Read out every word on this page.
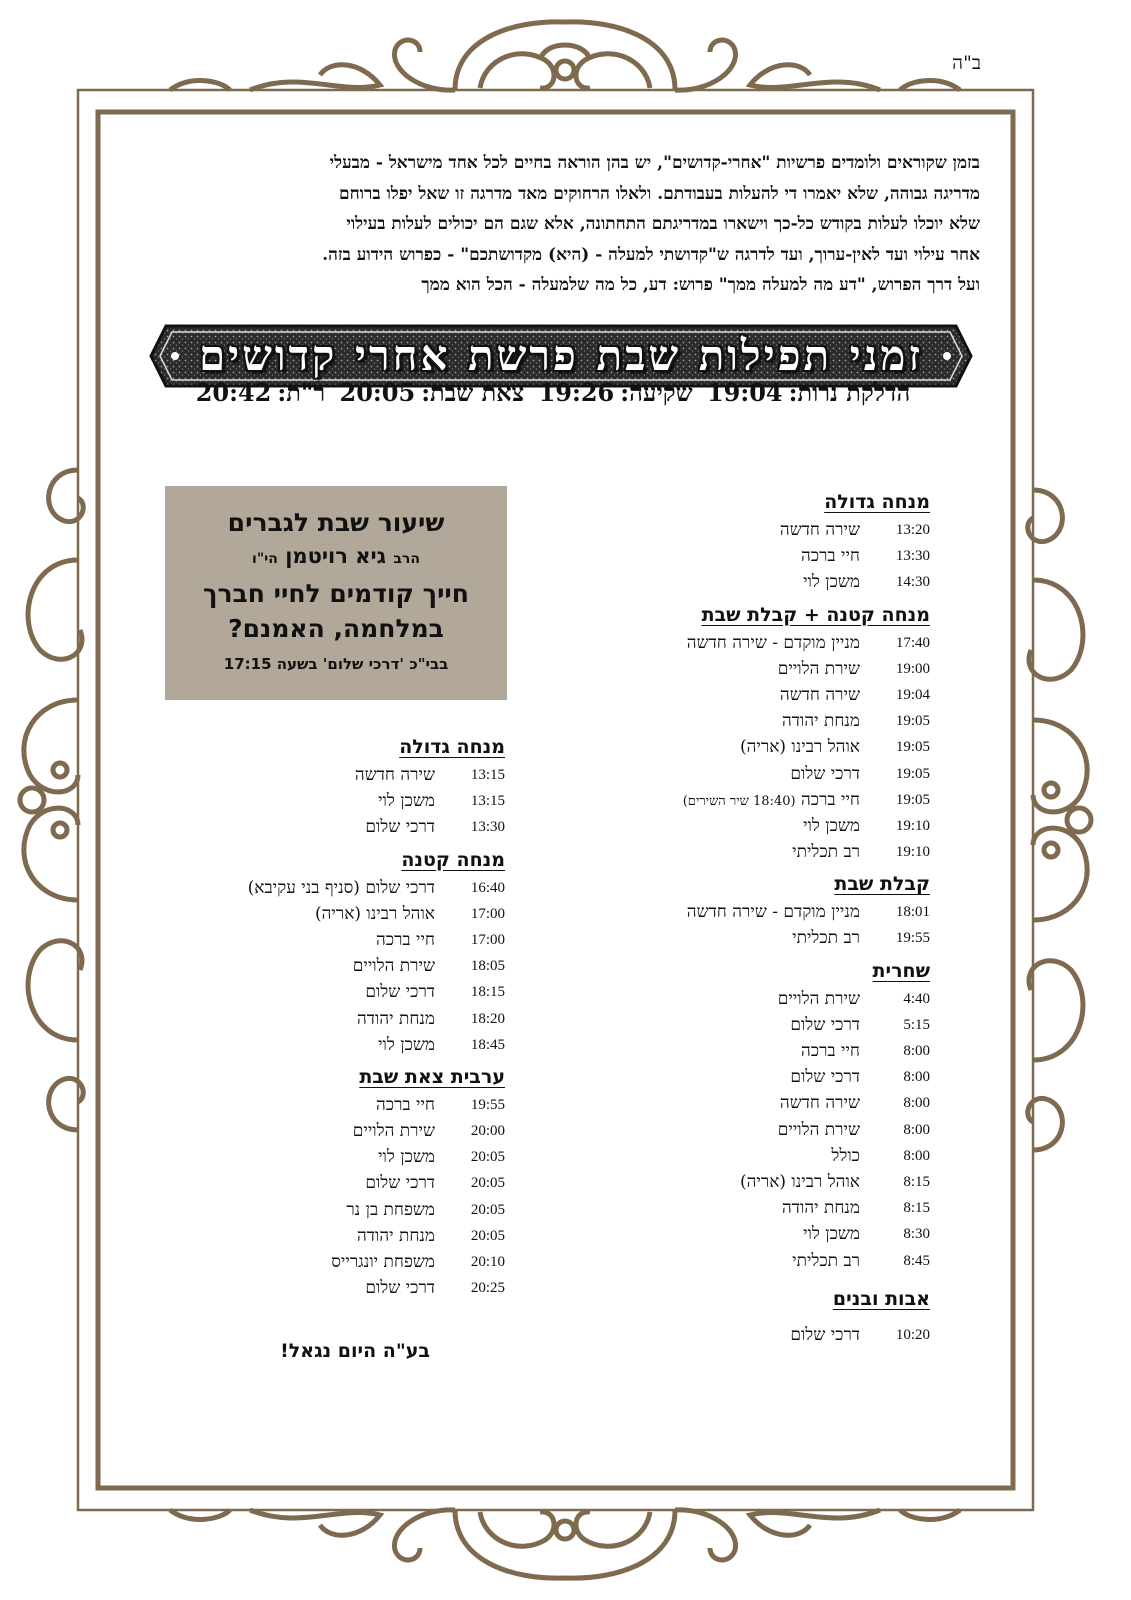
ב"ה
בזמן שקוראים ולומדים פרשיות "אחרי-קדושים", יש בהן הוראה בחיים לכל אחד מישראל - מבעלי
מדריגה גבוהה, שלא יאמרו די להעלות בעבודתם. ולאלו הרחוקים מאד מדרגה זו שאל יפלו ברוחם
שלא יוכלו לעלות בקודש כל-כך וישארו במדריגתם התחתונה, אלא שגם הם יכולים לעלות בעילוי
אחר עילוי ועד לאין-ערוך, ועד לדרגה ש"קדושתי למעלה - (היא) מקדושתכם" - כפרוש הידוע בזה.
ועל דרך הפרוש, "דע מה למעלה ממך" פרוש: דע, כל מה שלמעלה - הכל הוא ממך
זמני תפילות שבת פרשת אחרי קדושים
הדלקת נרות:19:04 שקיעה:19:26 צאת שבת:20:05 ר"ת:20:42
מנחה גדולה
13:20
שירה חדשה
13:30
חיי ברכה
14:30
משכן לוי
מנחה קטנה + קבלת שבת
17:40
מניין מוקדם - שירה חדשה
19:00
שירת הלויים
19:04
שירה חדשה
19:05
מנחת יהודה
19:05
אוהל רבינו (אריה)
19:05
דרכי שלום
19:05
חיי ברכה (18:40 שיר השירים)
19:10
משכן לוי
19:10
רב תכליתי
קבלת שבת
18:01
מניין מוקדם - שירה חדשה
19:55
רב תכליתי
שחרית
4:40
שירת הלויים
5:15
דרכי שלום
8:00
חיי ברכה
8:00
דרכי שלום
8:00
שירה חדשה
8:00
שירת הלויים
8:00
כולל
8:15
אוהל רבינו (אריה)
8:15
מנחת יהודה
8:30
משכן לוי
8:45
רב תכליתי
אבות ובנים
10:20
דרכי שלום
שיעור שבת לגברים
הרב גיא רויטמן הי"ו
חייך קודמים לחיי חברך
במלחמה, האמנם?
בבי"כ 'דרכי שלום' בשעה 17:15
מנחה גדולה
13:15
שירה חדשה
13:15
משכן לוי
13:30
דרכי שלום
מנחה קטנה
16:40
דרכי שלום (סניף בני עקיבא)
17:00
אוהל רבינו (אריה)
17:00
חיי ברכה
18:05
שירת הלויים
18:15
דרכי שלום
18:20
מנחת יהודה
18:45
משכן לוי
ערבית צאת שבת
19:55
חיי ברכה
20:00
שירת הלויים
20:05
משכן לוי
20:05
דרכי שלום
20:05
משפחת בן נר
20:05
מנחת יהודה
20:10
משפחת יונגרייס
20:25
דרכי שלום
בע"ה היום נגאל!
